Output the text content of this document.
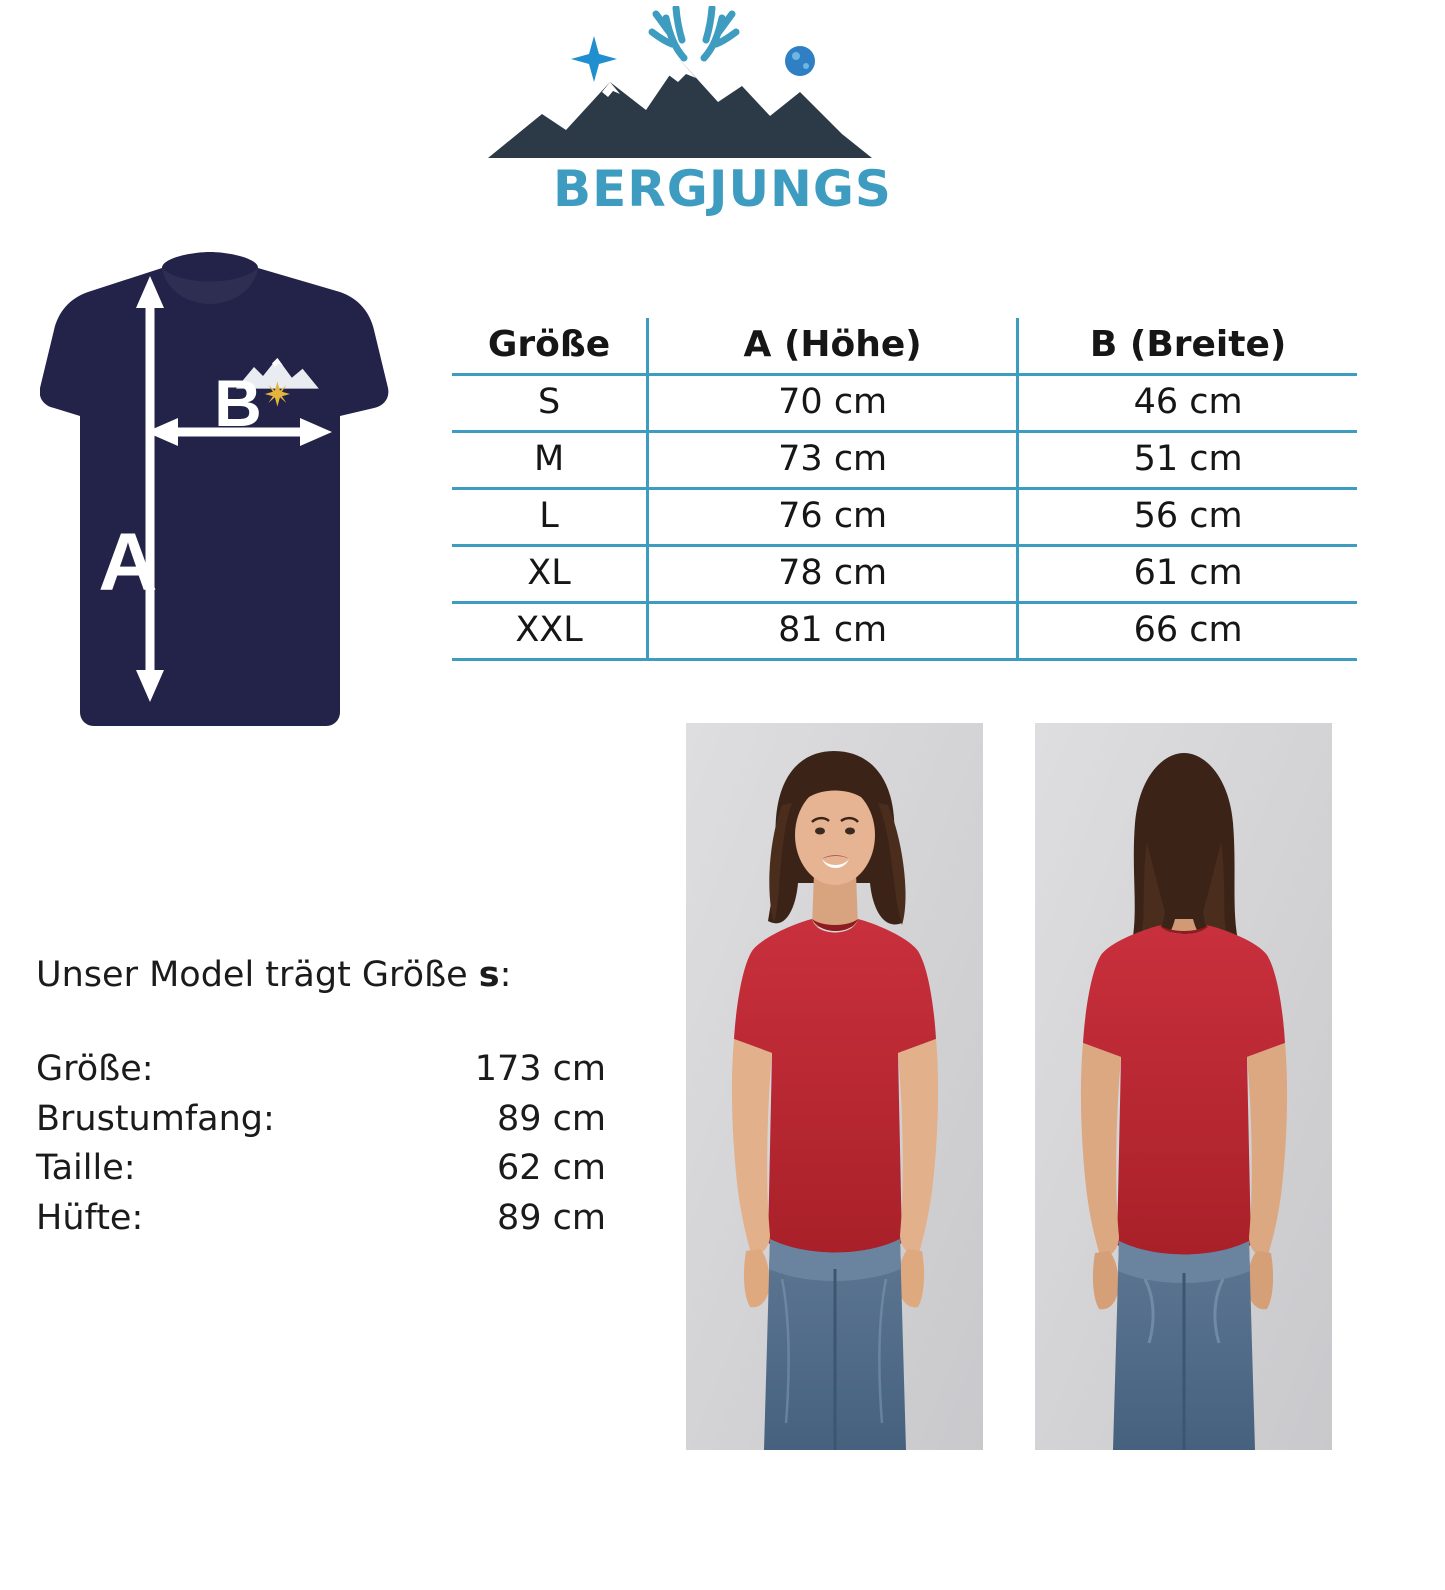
BERGJUNGS
A
B
Größe	A (Höhe)	B (Breite)
S	70 cm	46 cm
M	73 cm	51 cm
L	76 cm	56 cm
XL	78 cm	61 cm
XXL	81 cm	66 cm
Unser Model trägt Größe s:
Größe:	173 cm
Brustumfang:	89 cm
Taille:	62 cm
Hüfte:	89 cm
